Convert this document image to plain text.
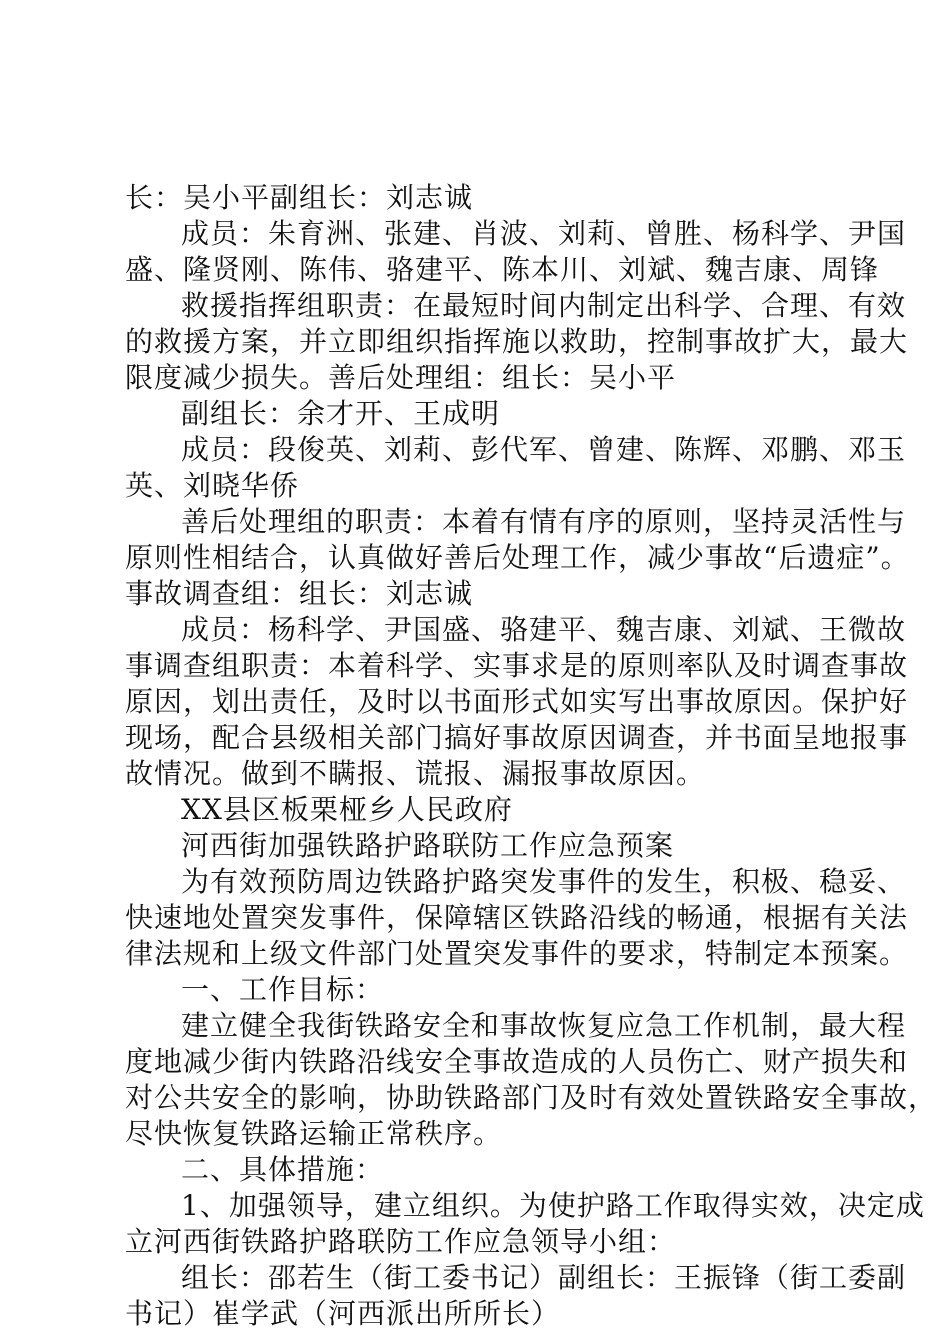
长：吴小平副组长：刘志诚
成员：朱育洲、张建、肖波、刘莉、曾胜、杨科学、尹国
盛、隆贤刚、陈伟、骆建平、陈本川、刘斌、魏吉康、周锋
救援指挥组职责：在最短时间内制定出科学、合理、有效
的救援方案，并立即组织指挥施以救助，控制事故扩大，最大
限度减少损失。善后处理组：组长：吴小平
副组长：余才开、王成明
成员：段俊英、刘莉、彭代军、曾建、陈辉、邓鹏、邓玉
英、刘晓华侨
善后处理组的职责：本着有情有序的原则，坚持灵活性与
原则性相结合，认真做好善后处理工作，减少事故“后遗症”。
事故调查组：组长：刘志诚
成员：杨科学、尹国盛、骆建平、魏吉康、刘斌、王微故
事调查组职责：本着科学、实事求是的原则率队及时调查事故
原因，划出责任，及时以书面形式如实写出事故原因。保护好
现场，配合县级相关部门搞好事故原因调查，并书面呈地报事
故情况。做到不瞒报、谎报、漏报事故原因。
XX县区板栗桠乡人民政府
河西街加强铁路护路联防工作应急预案
为有效预防周边铁路护路突发事件的发生，积极、稳妥、
快速地处置突发事件，保障辖区铁路沿线的畅通，根据有关法
律法规和上级文件部门处置突发事件的要求，特制定本预案。
一、工作目标：
建立健全我街铁路安全和事故恢复应急工作机制，最大程
度地减少街内铁路沿线安全事故造成的人员伤亡、财产损失和
对公共安全的影响，协助铁路部门及时有效处置铁路安全事故，
尽快恢复铁路运输正常秩序。
二、具体措施：
1、加强领导，建立组织。为使护路工作取得实效，决定成
立河西街铁路护路联防工作应急领导小组：
组长：邵若生（街工委书记）副组长：王振锋（街工委副
书记）崔学武（河西派出所所长）
